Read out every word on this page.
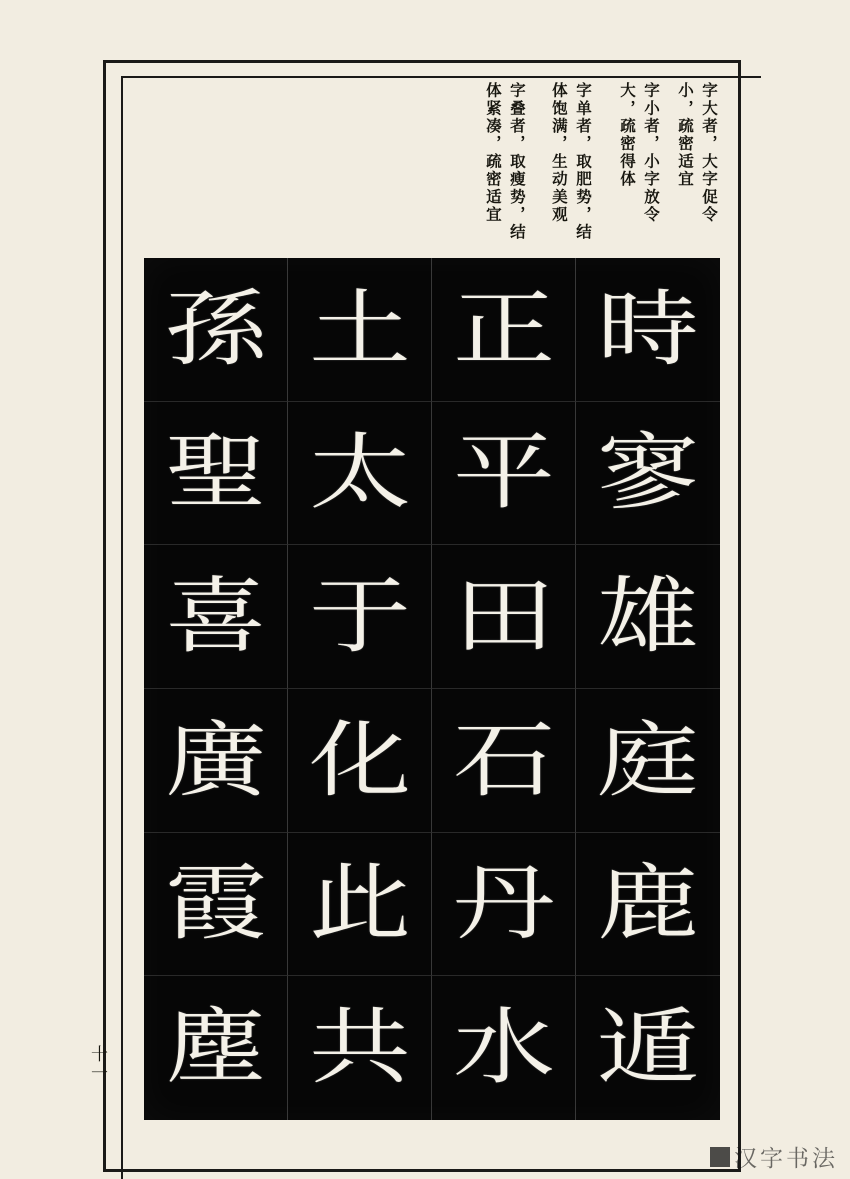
字大者，大字促令小，疏密适宜
字小者，小字放令大，疏密得体
字单者，取肥势，结体饱满，生动美观
字叠者，取瘦势，结体紧凑，疏密适宜
孫 土 正 時
聖 太 平 寥
喜 于 田 雄
廣 化 石 庭
霞 此 丹 鹿
塵 共 水 遁
十一
汉字书法
